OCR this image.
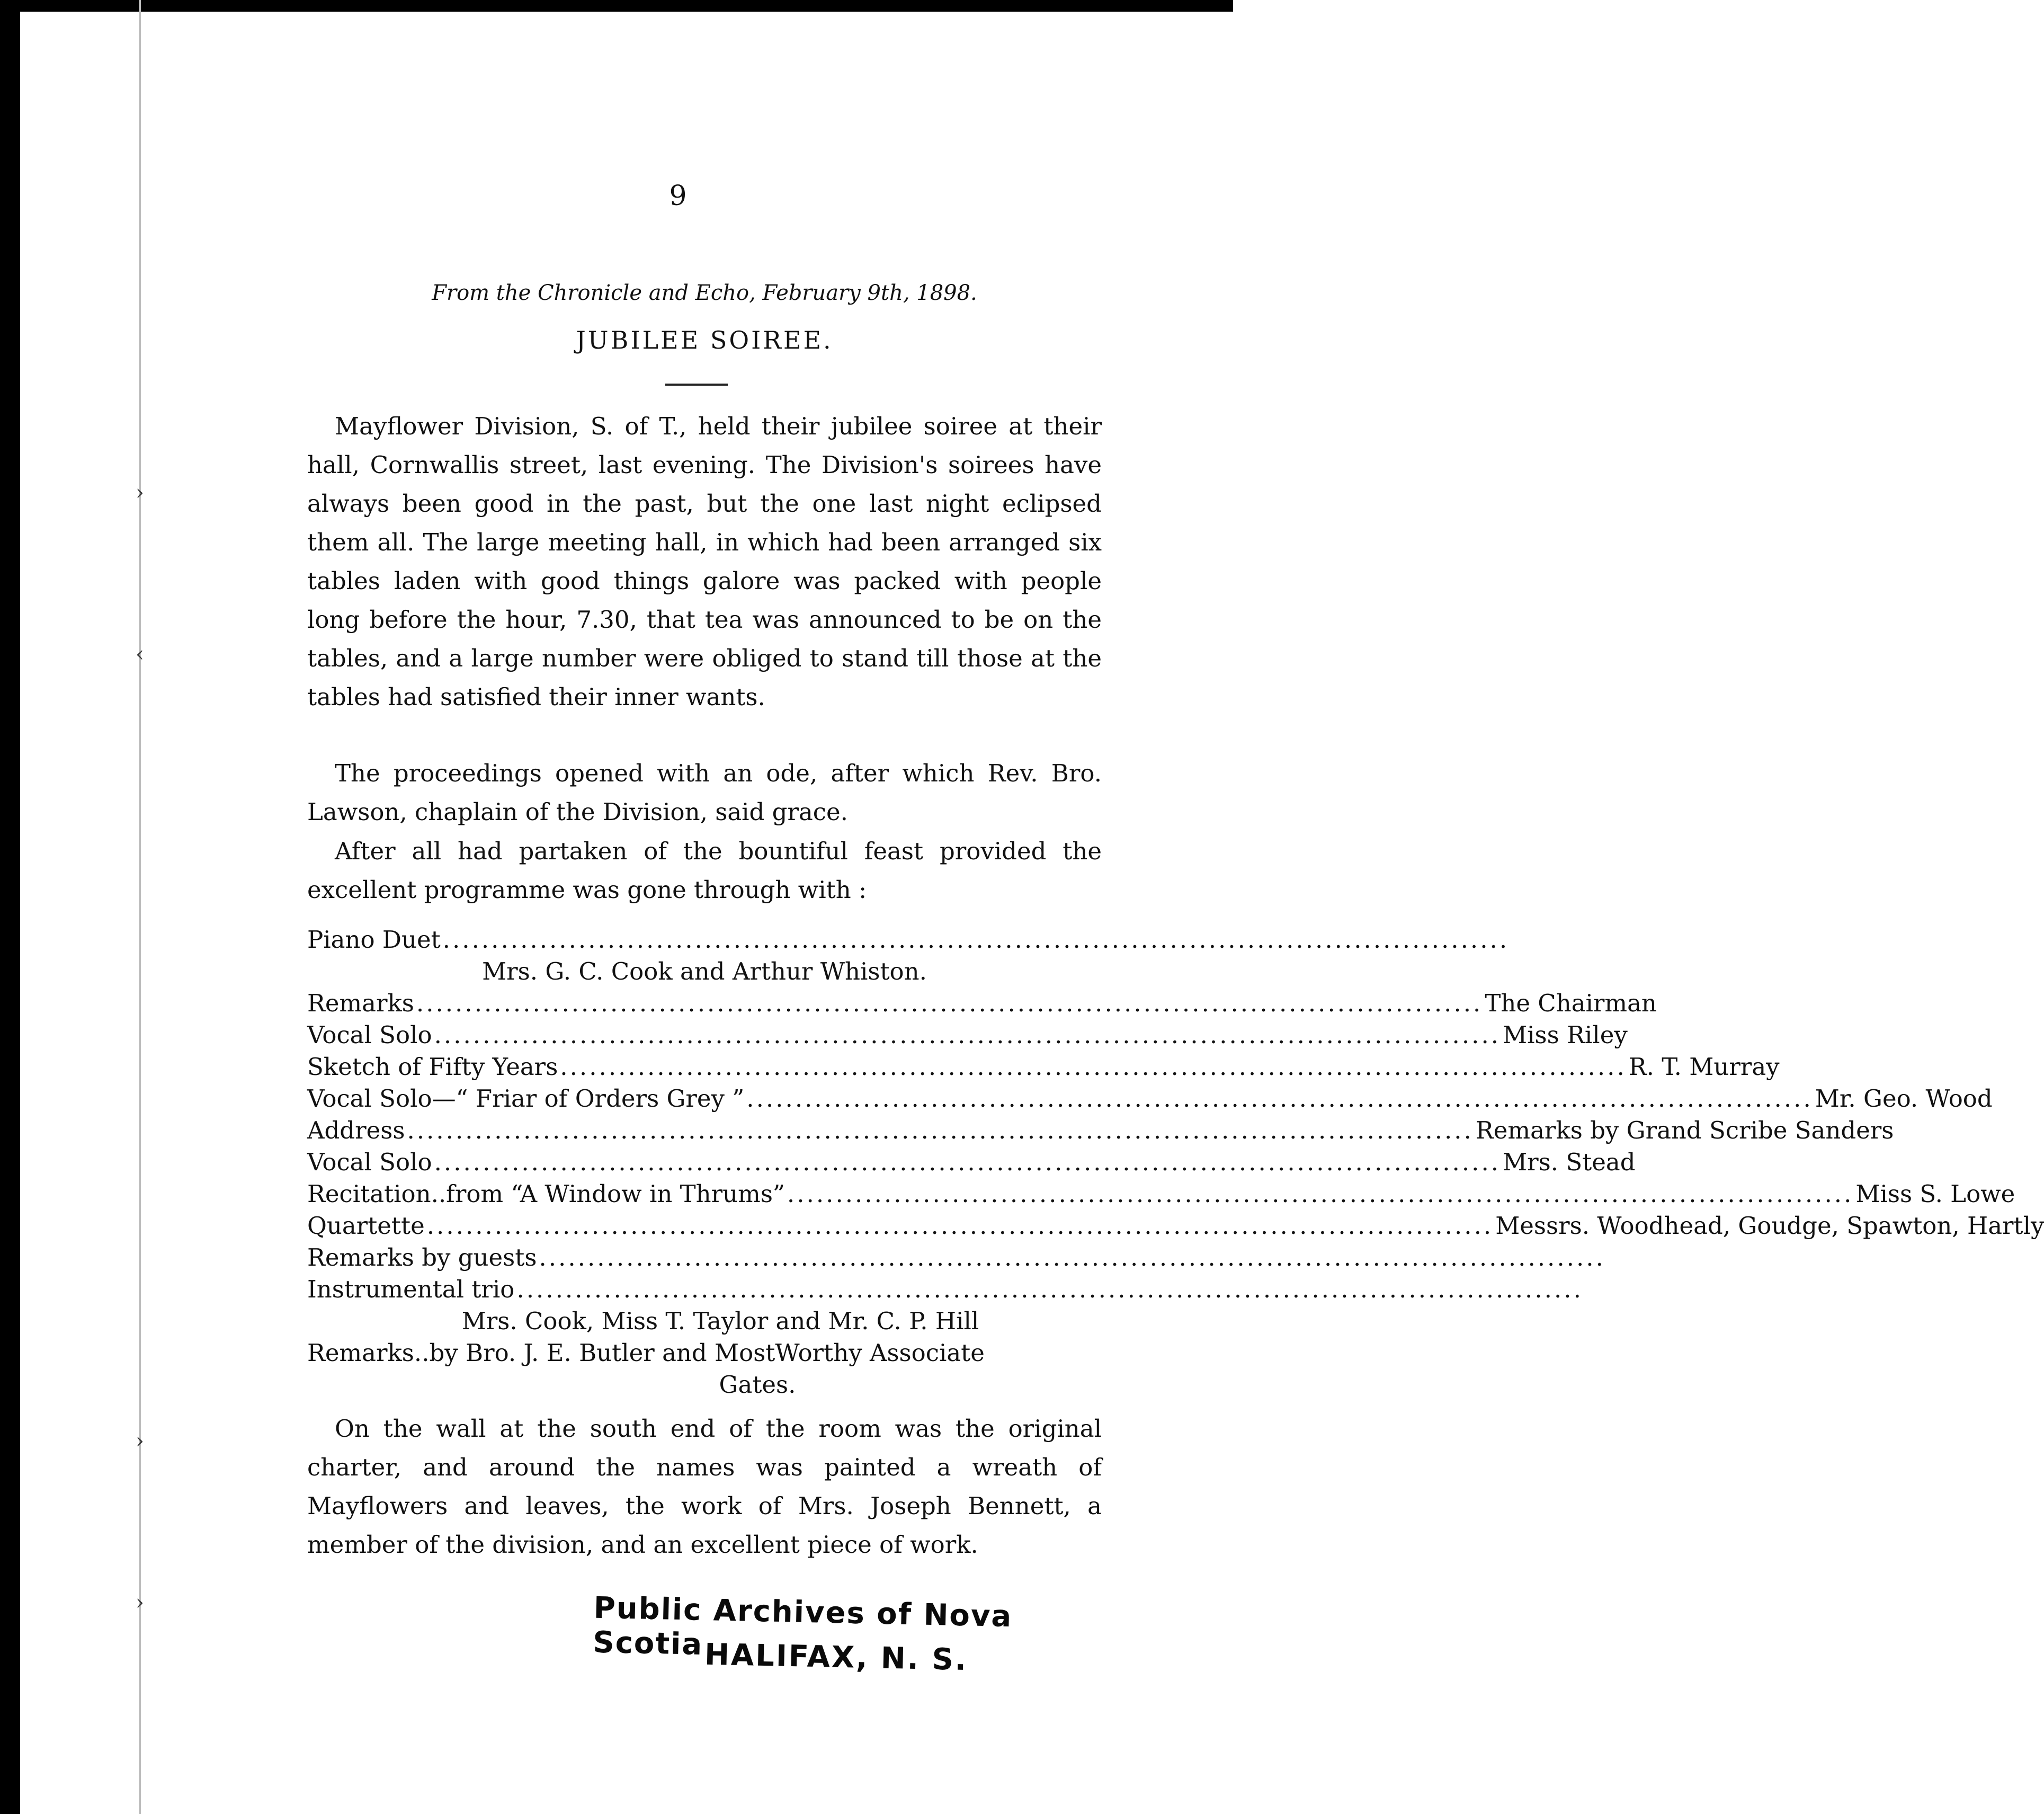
›
‹
›
›
9
From the Chronicle and Echo, February 9th, 1898.
JUBILEE SOIREE.

Mayflower Division, S. of T., held their jubilee soiree at their hall, Cornwallis street, last evening. The Division's soirees have always been good in the past, but the one last night eclipsed them all. The large meeting hall, in which had been arranged six tables laden with good things galore was packed with people long before the hour, 7.30, that tea was announced to be on the tables, and a large number were obliged to stand till those at the tables had satisfied their inner wants.

The proceedings opened with an ode, after which Rev. Bro. Lawson, chaplain of the Division, said grace.

After all had partaken of the bountiful feast provided the excellent programme was gone through with :

Piano Duet ..............................................................................................................
Mrs. G. C. Cook and Arthur Whiston.
Remarks .............................................................................................................. The Chairman
Vocal Solo .............................................................................................................. Miss Riley
Sketch of Fifty Years .............................................................................................................. R. T. Murray
Vocal Solo—“ Friar of Orders Grey ” .............................................................................................................. Mr. Geo. Wood
Address .............................................................................................................. Remarks by Grand Scribe Sanders
Vocal Solo .............................................................................................................. Mrs. Stead
Recitation..from “A Window in Thrums” .............................................................................................................. Miss S. Lowe
Quartette .............................................................................................................. Messrs. Woodhead, Goudge, Spawton, Hartly
Remarks by guests ..............................................................................................................
Instrumental trio ..............................................................................................................
Mrs. Cook, Miss T. Taylor and Mr. C. P. Hill
Remarks..by Bro. J. E. Butler and MostWorthy Associate
Gates.

On the wall at the south end of the room was the original charter, and around the names was painted a wreath of Mayflowers and leaves, the work of Mrs. Joseph Bennett, a member of the division, and an excellent piece of work.

Public Archives of Nova Scotia HALIFAX, N. S.
